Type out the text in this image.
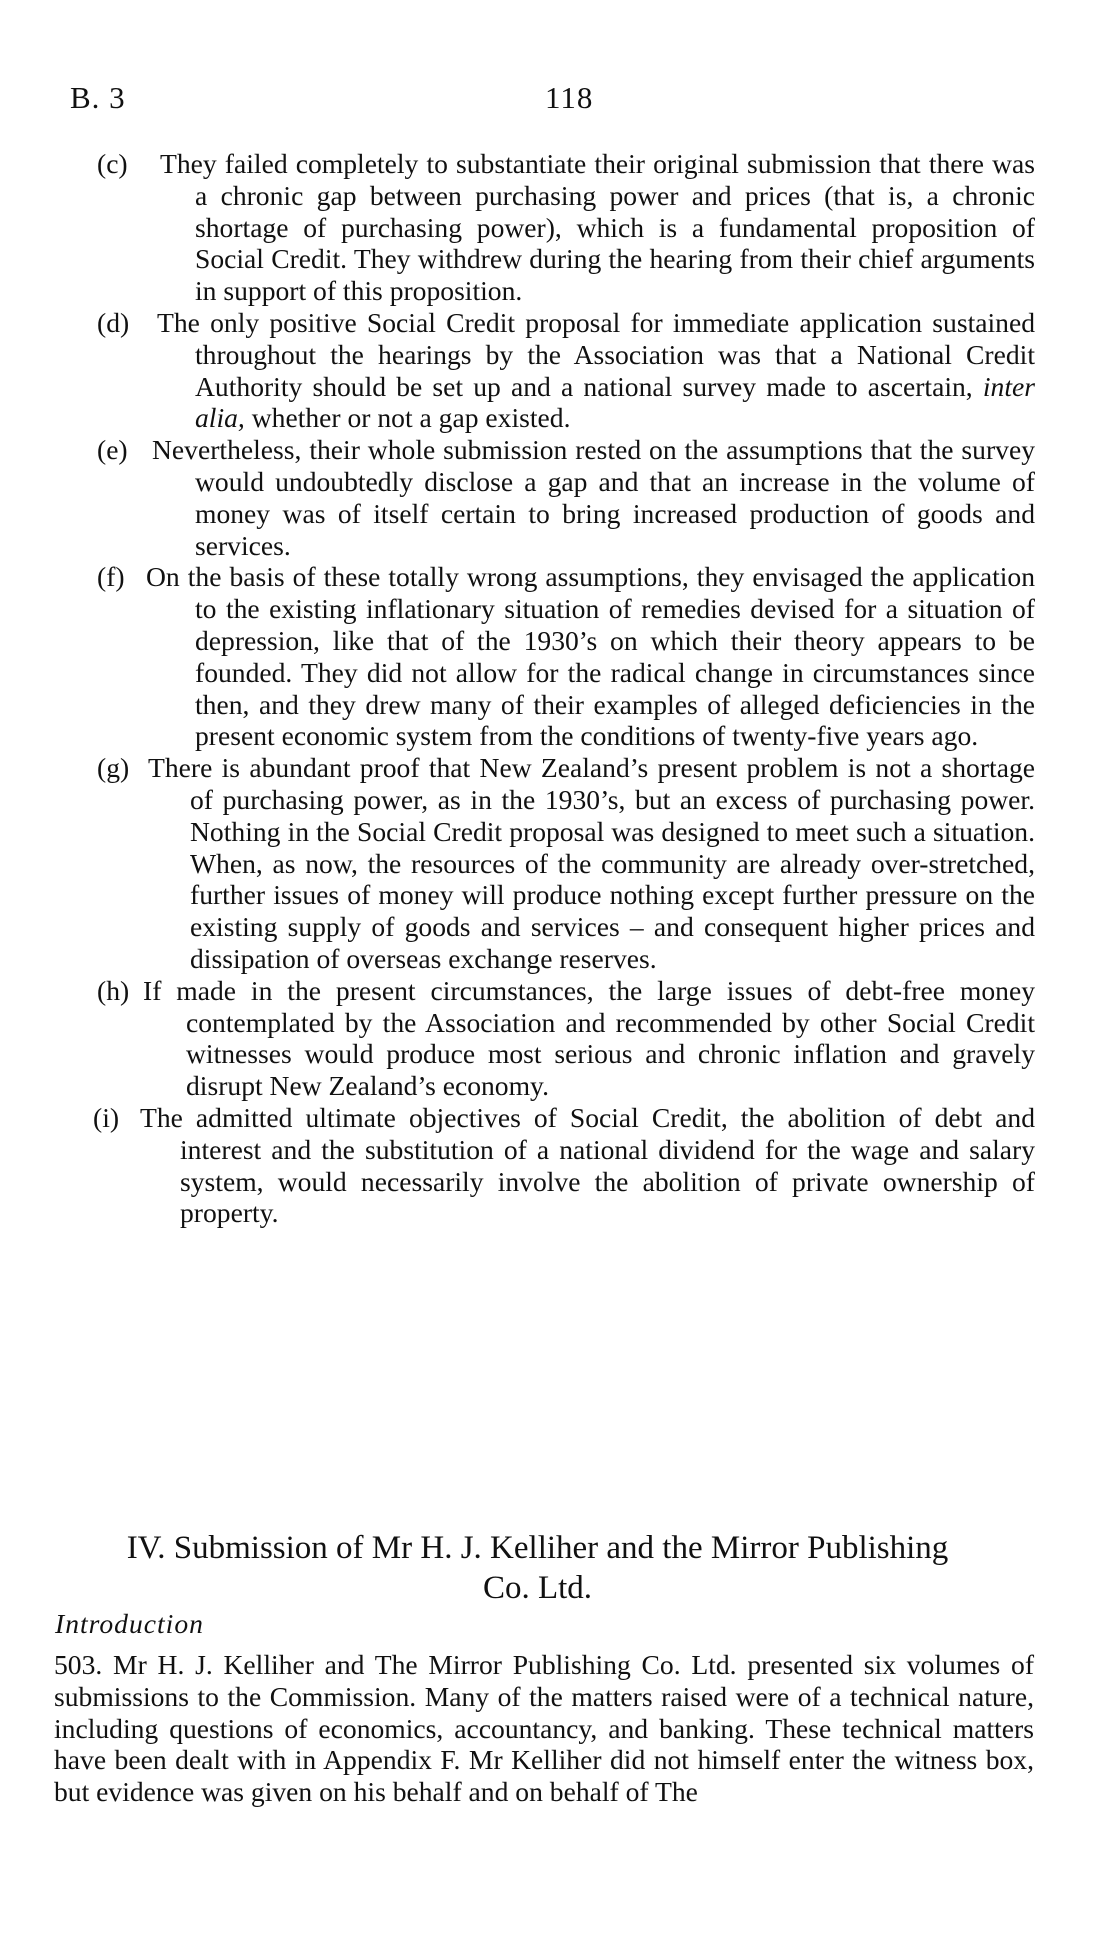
B. 3	118
(c) They failed completely to substantiate their original submission that there was a chronic gap between purchasing power and prices (that is, a chronic shortage of purchasing power), which is a fundamental proposition of Social Credit. They withdrew during the hearing from their chief arguments in support of this proposition.
(d) The only positive Social Credit proposal for immediate application sustained throughout the hearings by the Association was that a National Credit Authority should be set up and a national survey made to ascertain, inter alia, whether or not a gap existed.
(e) Nevertheless, their whole submission rested on the assumptions that the survey would undoubtedly disclose a gap and that an increase in the volume of money was of itself certain to bring increased production of goods and services.
(f) On the basis of these totally wrong assumptions, they envisaged the application to the existing inflationary situation of remedies devised for a situation of depression, like that of the 1930’s on which their theory appears to be founded. They did not allow for the radical change in circumstances since then, and they drew many of their examples of alleged deficiencies in the present economic system from the conditions of twenty-five years ago.
(g) There is abundant proof that New Zealand’s present problem is not a shortage of purchasing power, as in the 1930’s, but an excess of purchasing power. Nothing in the Social Credit proposal was designed to meet such a situation. When, as now, the resources of the community are already over-stretched, further issues of money will produce nothing except further pressure on the existing supply of goods and services – and consequent higher prices and dissipation of overseas exchange reserves.
(h) If made in the present circumstances, the large issues of debt-free money contemplated by the Association and recommended by other Social Credit witnesses would produce most serious and chronic inflation and gravely disrupt New Zealand’s economy.
(i) The admitted ultimate objectives of Social Credit, the abolition of debt and interest and the substitution of a national dividend for the wage and salary system, would necessarily involve the abolition of private ownership of property.
IV. Submission of Mr H. J. Kelliher and the Mirror Publishing
Co. Ltd.
Introduction
503. Mr H. J. Kelliher and The Mirror Publishing Co. Ltd. presented six volumes of submissions to the Commission. Many of the matters raised were of a technical nature, including questions of economics, accountancy, and banking. These technical matters have been dealt with in Appendix F. Mr Kelliher did not himself enter the witness box, but evidence was given on his behalf and on behalf of The
